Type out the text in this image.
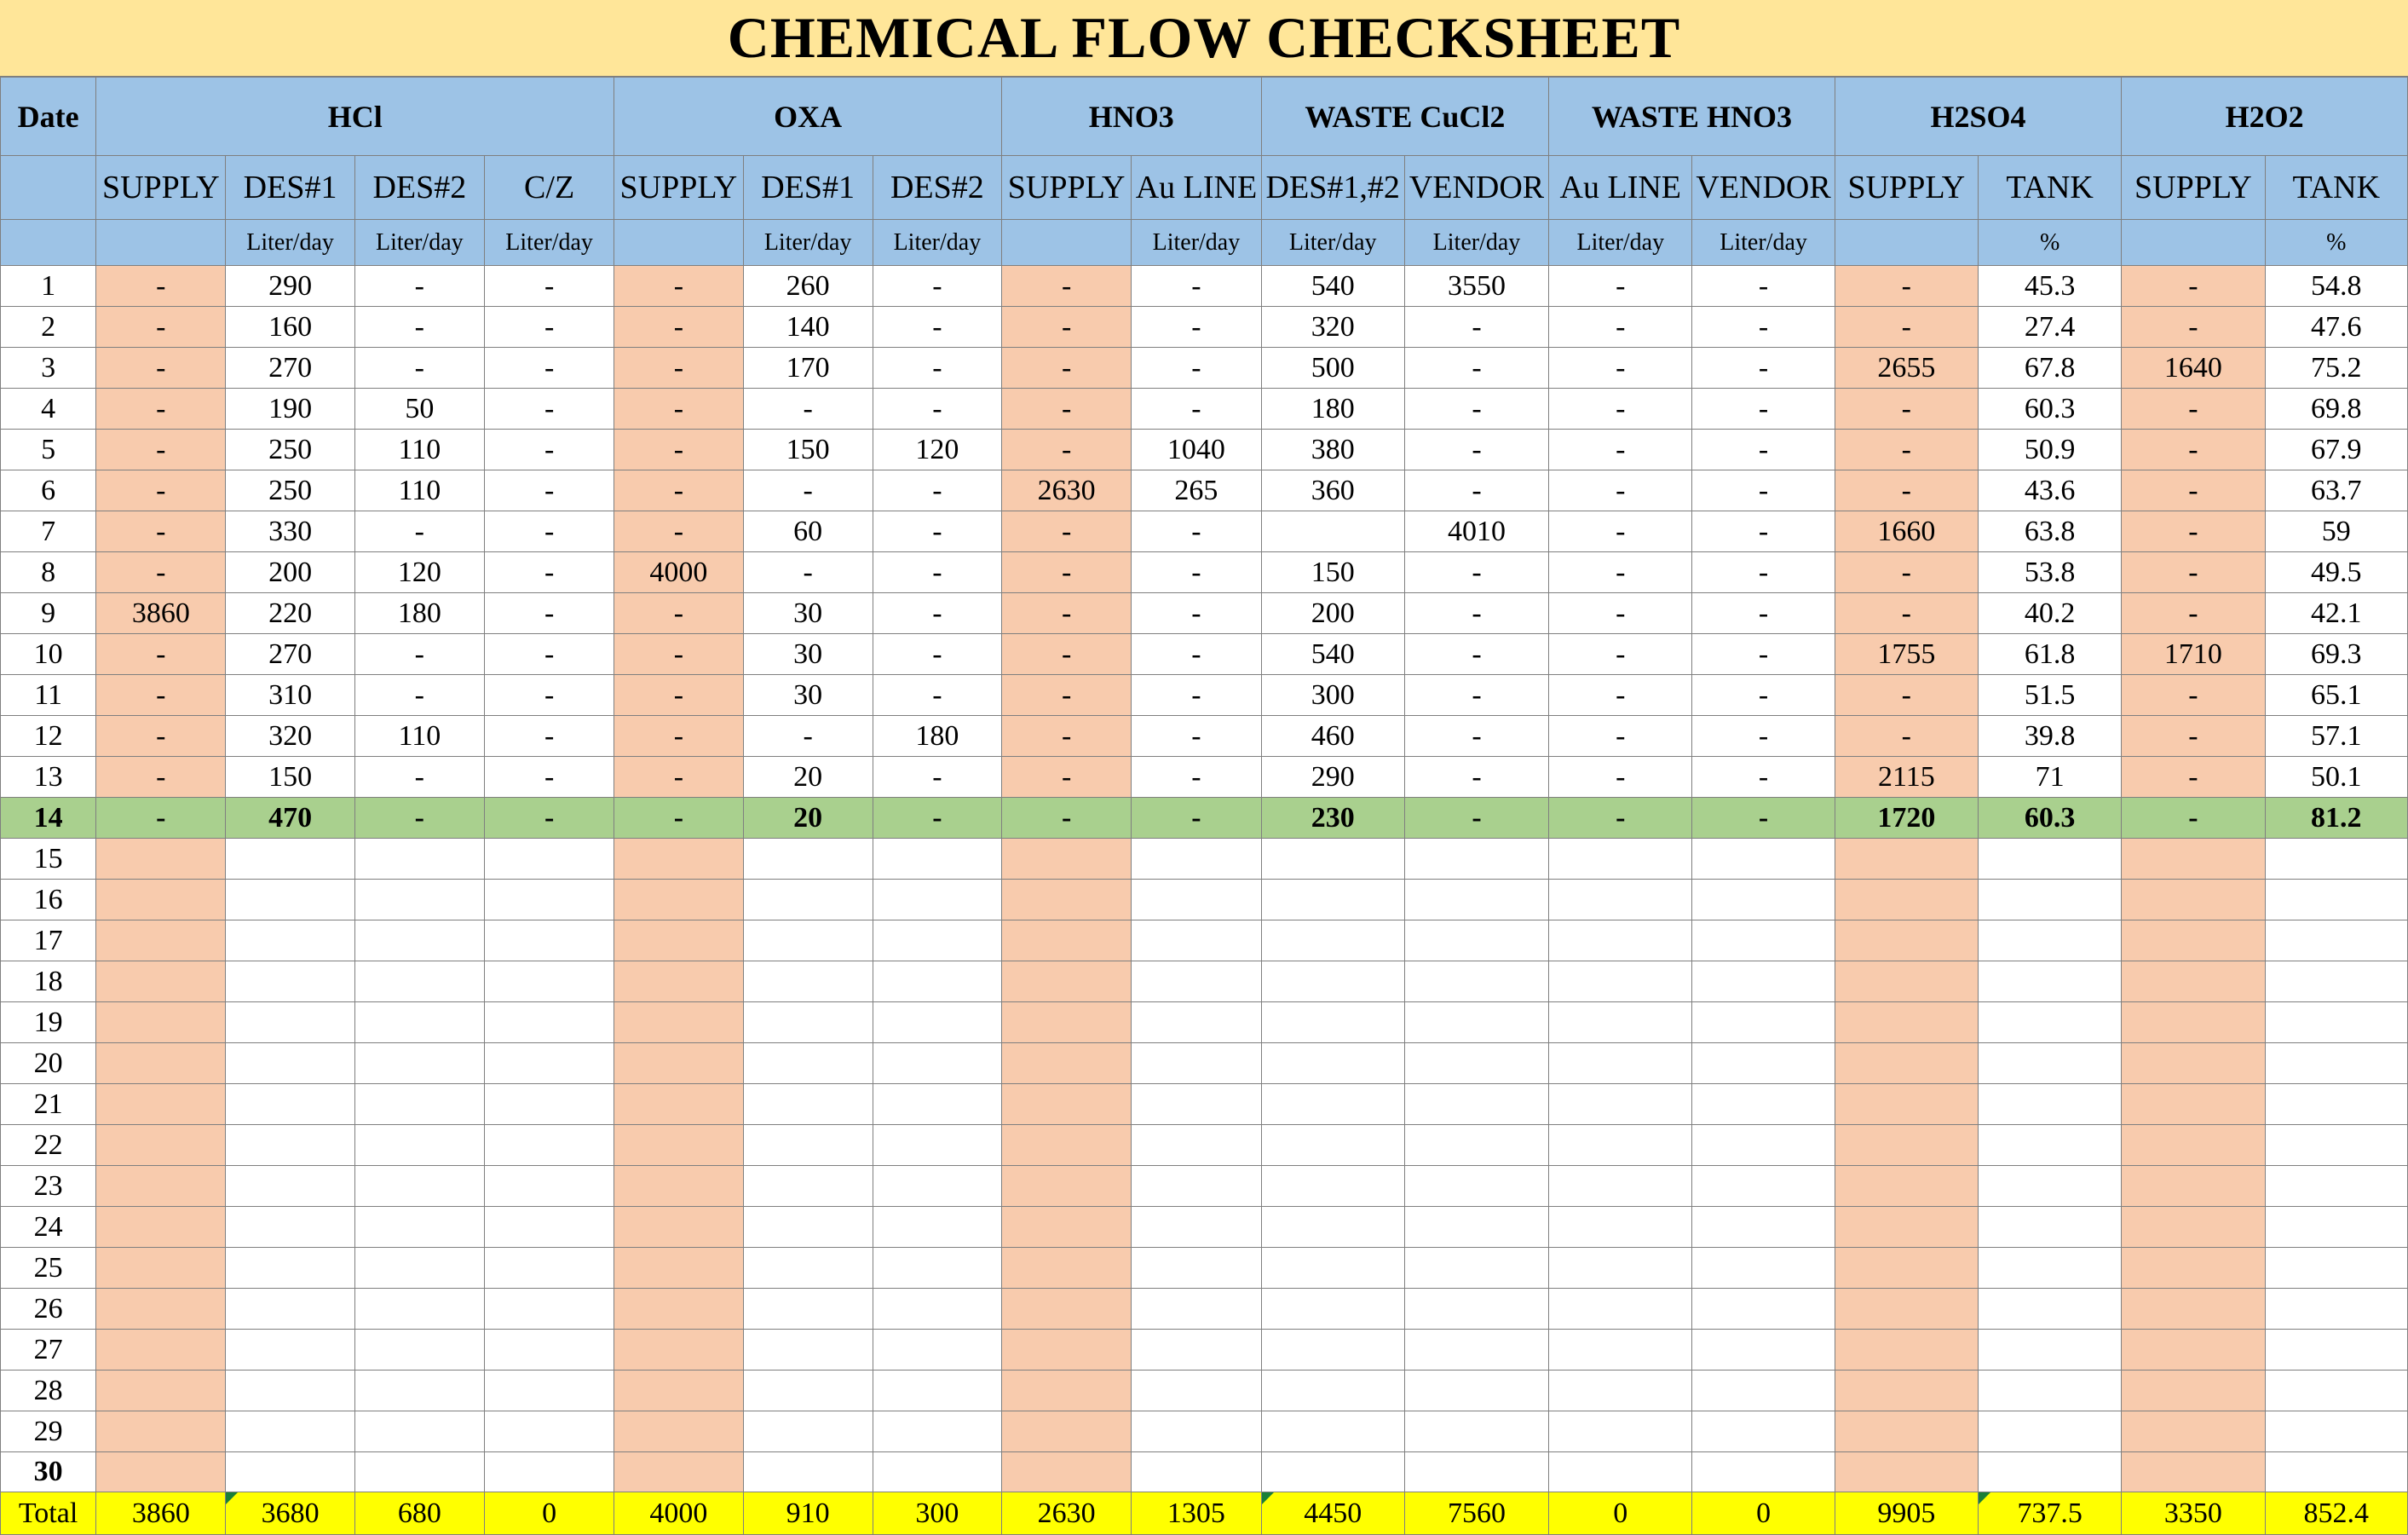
CHEMICAL FLOW CHECKSHEET
Date	HCl				OXA			HNO3		WASTE CuCl2		WASTE HNO3		H2SO4		H2O2	
	SUPPLY	DES#1	DES#2	C/Z	SUPPLY	DES#1	DES#2	SUPPLY	Au LINE	DES#1,#2	VENDOR	Au LINE	VENDOR	SUPPLY	TANK	SUPPLY	TANK
		Liter/day	Liter/day	Liter/day		Liter/day	Liter/day		Liter/day	Liter/day	Liter/day	Liter/day	Liter/day		%		%
1	-	290	-	-	-	260	-	-	-	540	3550	-	-	-	45.3	-	54.8
2	-	160	-	-	-	140	-	-	-	320	-	-	-	-	27.4	-	47.6
3	-	270	-	-	-	170	-	-	-	500	-	-	-	2655	67.8	1640	75.2
4	-	190	50	-	-	-	-	-	-	180	-	-	-	-	60.3	-	69.8
5	-	250	110	-	-	150	120	-	1040	380	-	-	-	-	50.9	-	67.9
6	-	250	110	-	-	-	-	2630	265	360	-	-	-	-	43.6	-	63.7
7	-	330	-	-	-	60	-	-	-		4010	-	-	1660	63.8	-	59
8	-	200	120	-	4000	-	-	-	-	150	-	-	-	-	53.8	-	49.5
9	3860	220	180	-	-	30	-	-	-	200	-	-	-	-	40.2	-	42.1
10	-	270	-	-	-	30	-	-	-	540	-	-	-	1755	61.8	1710	69.3
11	-	310	-	-	-	30	-	-	-	300	-	-	-	-	51.5	-	65.1
12	-	320	110	-	-	-	180	-	-	460	-	-	-	-	39.8	-	57.1
13	-	150	-	-	-	20	-	-	-	290	-	-	-	2115	71	-	50.1
14	-	470	-	-	-	20	-	-	-	230	-	-	-	1720	60.3	-	81.2
15																	
16																	
17																	
18																	
19																	
20																	
21																	
22																	
23																	
24																	
25																	
26																	
27																	
28																	
29																	
30																	
Total	3860	3680	680	0	4000	910	300	2630	1305	4450	7560	0	0	9905	737.5	3350	852.4
